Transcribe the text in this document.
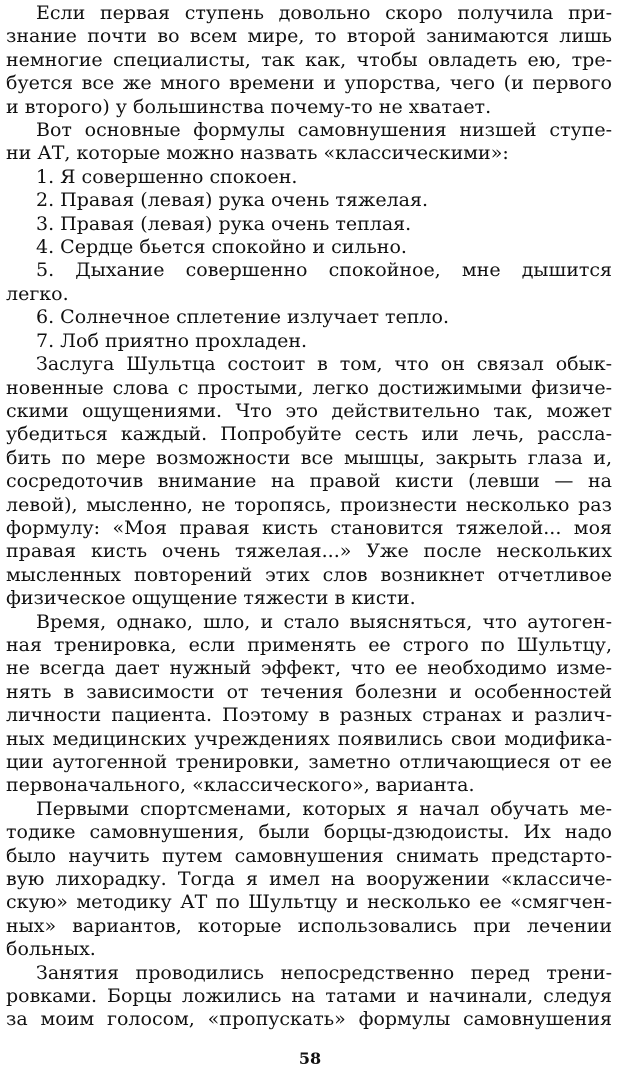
Если первая ступень довольно скоро получила при-
знание почти во всем мире, то второй занимаются лишь
немногие специалисты, так как, чтобы овладеть ею, тре-
буется все же много времени и упорства, чего (и первого
и второго) у большинства почему-то не хватает.
Вот основные формулы самовнушения низшей ступе-
ни АТ, которые можно назвать «классическими»:
1. Я совершенно спокоен.
2. Правая (левая) рука очень тяжелая.
3. Правая (левая) рука очень теплая.
4. Сердце бьется спокойно и сильно.
5. Дыхание совершенно спокойное, мне дышится
легко.
6. Солнечное сплетение излучает тепло.
7. Лоб приятно прохладен.
Заслуга Шультца состоит в том, что он связал обык-
новенные слова с простыми, легко достижимыми физиче-
скими ощущениями. Что это действительно так, может
убедиться каждый. Попробуйте сесть или лечь, рассла-
бить по мере возможности все мышцы, закрыть глаза и,
сосредоточив внимание на правой кисти (левши — на
левой), мысленно, не торопясь, произнести несколько раз
формулу: «Моя правая кисть становится тяжелой... моя
правая кисть очень тяжелая...» Уже после нескольких
мысленных повторений этих слов возникнет отчетливое
физическое ощущение тяжести в кисти.
Время, однако, шло, и стало выясняться, что аутоген-
ная тренировка, если применять ее строго по Шультцу,
не всегда дает нужный эффект, что ее необходимо изме-
нять в зависимости от течения болезни и особенностей
личности пациента. Поэтому в разных странах и различ-
ных медицинских учреждениях появились свои модифика-
ции аутогенной тренировки, заметно отличающиеся от ее
первоначального, «классического», варианта.
Первыми спортсменами, которых я начал обучать ме-
тодике самовнушения, были борцы-дзюдоисты. Их надо
было научить путем самовнушения снимать предстарто-
вую лихорадку. Тогда я имел на вооружении «классиче-
скую» методику АТ по Шультцу и несколько ее «смягчен-
ных» вариантов, которые использовались при лечении
больных.
Занятия проводились непосредственно перед трени-
ровками. Борцы ложились на татами и начинали, следуя
за моим голосом, «пропускать» формулы самовнушения
58
